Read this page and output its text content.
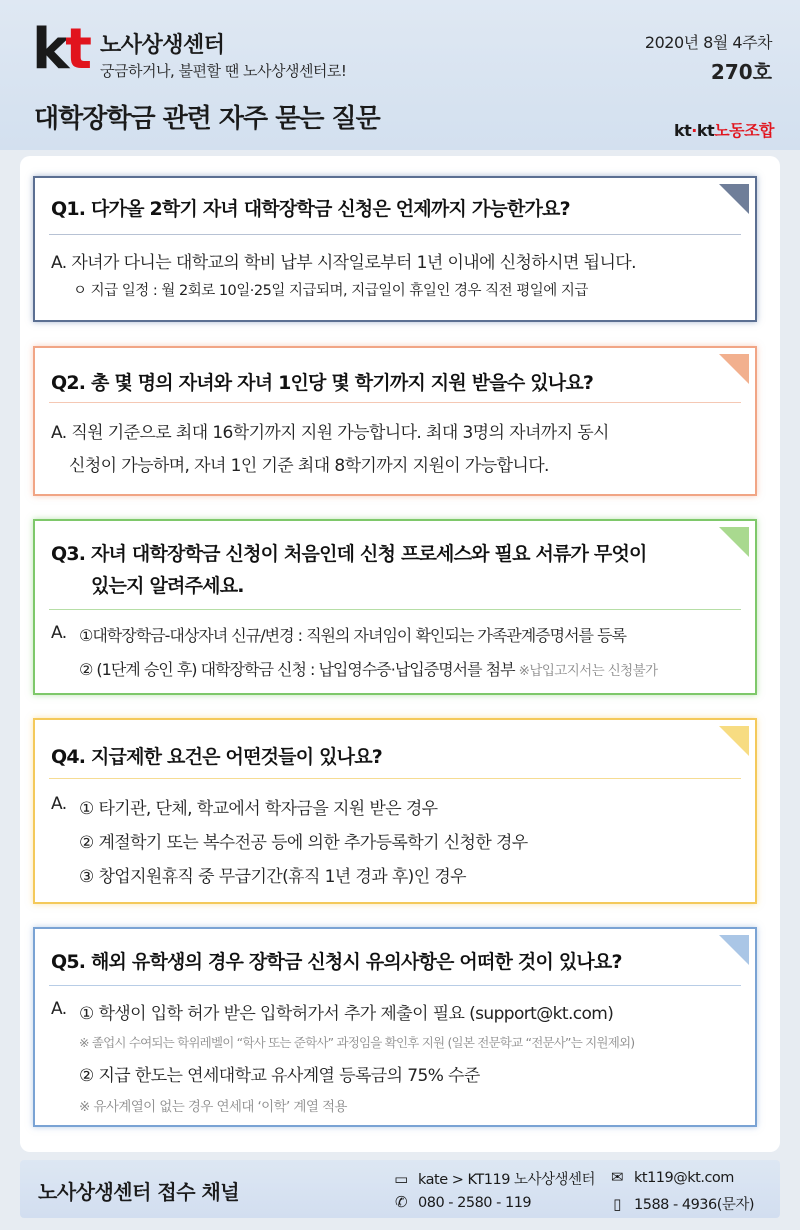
kt 노사상생센터
궁금하거나, 불편할 땐 노사상생센터로!
2020년 8월 4주차
270호
대학장학금 관련 자주 묻는 질문	kt·kt노동조합
Q1. 다가올 2학기 자녀 대학장학금 신청은 언제까지 가능한가요?
A. 자녀가 다니는 대학교의 학비 납부 시작일로부터 1년 이내에 신청하시면 됩니다.
ㅇ 지급 일정 : 월 2회로 10일·25일 지급되며, 지급일이 휴일인 경우 직전 평일에 지급
Q2. 총 몇 명의 자녀와 자녀 1인당 몇 학기까지 지원 받을수 있나요?
A. 직원 기준으로 최대 16학기까지 지원 가능합니다. 최대 3명의 자녀까지 동시
신청이 가능하며, 자녀 1인 기준 최대 8학기까지 지원이 가능합니다.
Q3. 자녀 대학장학금 신청이 처음인데 신청 프로세스와 필요 서류가 무엇이
있는지 알려주세요.
A. ①대학장학금-대상자녀 신규/변경 : 직원의 자녀임이 확인되는 가족관계증명서를 등록
② (1단계 승인 후) 대학장학금 신청 : 납입영수증·납입증명서를 첨부 ※납입고지서는 신청불가
Q4. 지급제한 요건은 어떤것들이 있나요?
A. ① 타기관, 단체, 학교에서 학자금을 지원 받은 경우
② 계절학기 또는 복수전공 등에 의한 추가등록학기 신청한 경우
③ 창업지원휴직 중 무급기간(휴직 1년 경과 후)인 경우
Q5. 해외 유학생의 경우 장학금 신청시 유의사항은 어떠한 것이 있나요?
A. ① 학생이 입학 허가 받은 입학허가서 추가 제출이 필요 (support@kt.com)
※ 졸업시 수여되는 학위레벨이 “학사 또는 준학사” 과정임을 확인후 지원 (일본 전문학교 “전문사”는 지원제외)
② 지급 한도는 연세대학교 유사계열 등록금의 75% 수준
※ 유사계열이 없는 경우 연세대 ‘이학’ 계열 적용
노사상생센터 접수 채널
▭ kate > KT119 노사상생센터
✆ 080 - 2580 - 119
✉ kt119@kt.com
▯ 1588 - 4936(문자)
